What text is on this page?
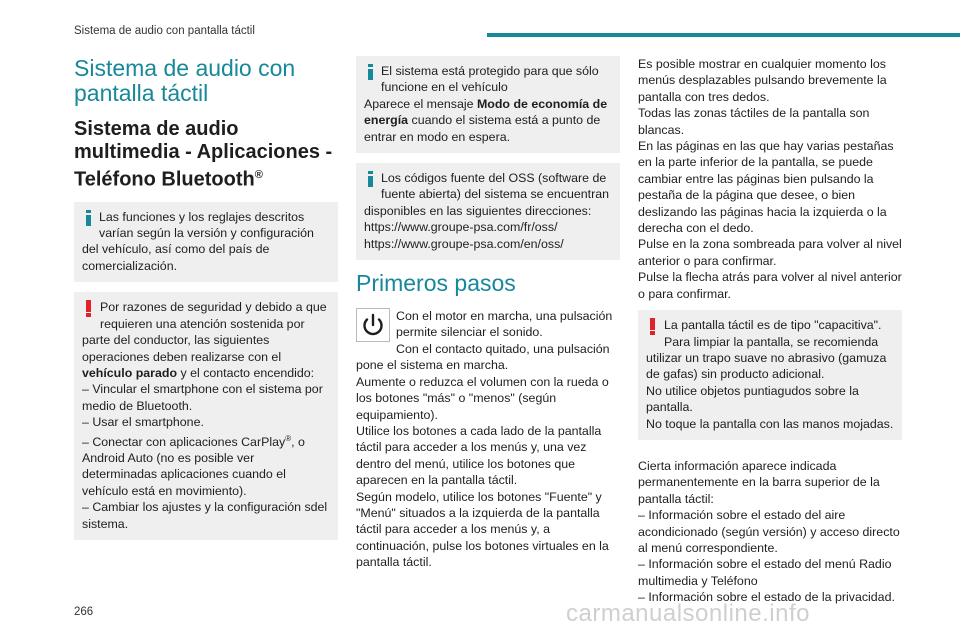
Sistema de audio con pantalla táctil
Sistema de audio con pantalla táctil
Sistema de audio multimedia - Aplicaciones - Teléfono Bluetooth®

Las funciones y los reglajes descritos varían según la versión y configuración del vehículo, así como del país de comercialización.

Por razones de seguridad y debido a que requieren una atención sostenida por parte del conductor, las siguientes operaciones deben realizarse con el vehículo parado y el contacto encendido:

– Vincular el smartphone con el sistema por medio de Bluetooth.

– Usar el smartphone.

– Conectar con aplicaciones CarPlay®, o Android Auto (no es posible ver determinadas aplicaciones cuando el vehículo está en movimiento).

– Cambiar los ajustes y la configuración sdel sistema.

El sistema está protegido para que sólo funcione en el vehículo

Aparece el mensaje Modo de economía de energía cuando el sistema está a punto de entrar en modo en espera.

Los códigos fuente del OSS (software de fuente abierta) del sistema se encuentran disponibles en las siguientes direcciones:

https://www.groupe-psa.com/fr/oss/

https://www.groupe-psa.com/en/oss/

Primeros pasos

Con el motor en marcha, una pulsación permite silenciar el sonido.

Con el contacto quitado, una pulsación pone el sistema en marcha.

Aumente o reduzca el volumen con la rueda o los botones "más" o "menos" (según equipamiento).

Utilice los botones a cada lado de la pantalla táctil para acceder a los menús y, una vez dentro del menú, utilice los botones que aparecen en la pantalla táctil.

Según modelo, utilice los botones "Fuente" y "Menú" situados a la izquierda de la pantalla táctil para acceder a los menús y, a continuación, pulse los botones virtuales en la pantalla táctil.

Es posible mostrar en cualquier momento los menús desplazables pulsando brevemente la pantalla con tres dedos.

Todas las zonas táctiles de la pantalla son blancas.

En las páginas en las que hay varias pestañas en la parte inferior de la pantalla, se puede cambiar entre las páginas bien pulsando la pestaña de la página que desee, o bien deslizando las páginas hacia la izquierda o la derecha con el dedo.

Pulse en la zona sombreada para volver al nivel anterior o para confirmar.

Pulse la flecha atrás para volver al nivel anterior o para confirmar.

La pantalla táctil es de tipo "capacitiva". Para limpiar la pantalla, se recomienda utilizar un trapo suave no abrasivo (gamuza de gafas) sin producto adicional.

No utilice objetos puntiagudos sobre la pantalla.

No toque la pantalla con las manos mojadas.

Cierta información aparece indicada permanentemente en la barra superior de la pantalla táctil:

– Información sobre el estado del aire acondicionado (según versión) y acceso directo al menú correspondiente.

– Información sobre el estado del menú Radio multimedia y Teléfono

– Información sobre el estado de la privacidad.

266	carmanualsonline.info
